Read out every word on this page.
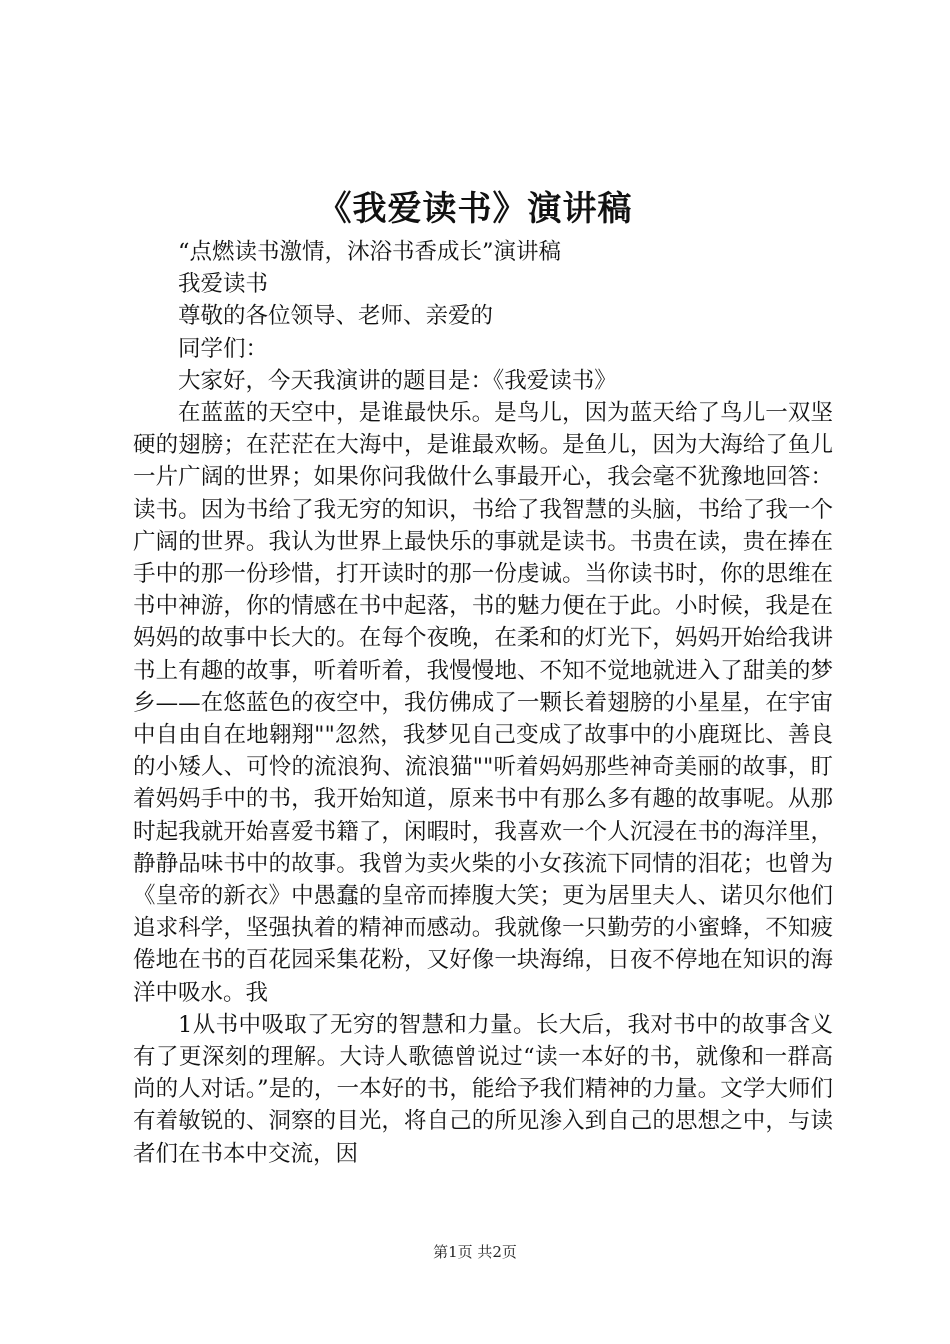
《我爱读书》演讲稿
“点燃读书激情，沐浴书香成长”演讲稿
我爱读书
尊敬的各位领导、老师、亲爱的
同学们：
大家好，今天我演讲的题目是：《我爱读书》

在蓝蓝的天空中，是谁最快乐。是鸟儿，因为蓝天给了鸟儿一双坚硬的翅膀；在茫茫在大海中，是谁最欢畅。是鱼儿，因为大海给了鱼儿一片广阔的世界；如果你问我做什么事最开心，我会毫不犹豫地回答：读书。因为书给了我无穷的知识，书给了我智慧的头脑，书给了我一个广阔的世界。我认为世界上最快乐的事就是读书。书贵在读，贵在捧在手中的那一份珍惜，打开读时的那一份虔诚。当你读书时，你的思维在书中神游，你的情感在书中起落，书的魅力便在于此。小时候，我是在妈妈的故事中长大的。在每个夜晚，在柔和的灯光下，妈妈开始给我讲书上有趣的故事，听着听着，我慢慢地、不知不觉地就进入了甜美的梦乡——在悠蓝色的夜空中，我仿佛成了一颗长着翅膀的小星星，在宇宙中自由自在地翱翔""忽然，我梦见自己变成了故事中的小鹿斑比、善良的小矮人、可怜的流浪狗、流浪猫""听着妈妈那些神奇美丽的故事，盯着妈妈手中的书，我开始知道，原来书中有那么多有趣的故事呢。从那时起我就开始喜爱书籍了，闲暇时，我喜欢一个人沉浸在书的海洋里，静静品味书中的故事。我曾为卖火柴的小女孩流下同情的泪花；也曾为《皇帝的新衣》中愚蠢的皇帝而捧腹大笑；更为居里夫人、诺贝尔他们追求科学，坚强执着的精神而感动。我就像一只勤劳的小蜜蜂，不知疲倦地在书的百花园采集花粉，又好像一块海绵，日夜不停地在知识的海洋中吸水。我

1从书中吸取了无穷的智慧和力量。长大后，我对书中的故事含义有了更深刻的理解。大诗人歌德曾说过“读一本好的书，就像和一群高尚的人对话。”是的，一本好的书，能给予我们精神的力量。文学大师们有着敏锐的、洞察的目光，将自己的所见渗入到自己的思想之中，与读者们在书本中交流，因

第1页 共2页
